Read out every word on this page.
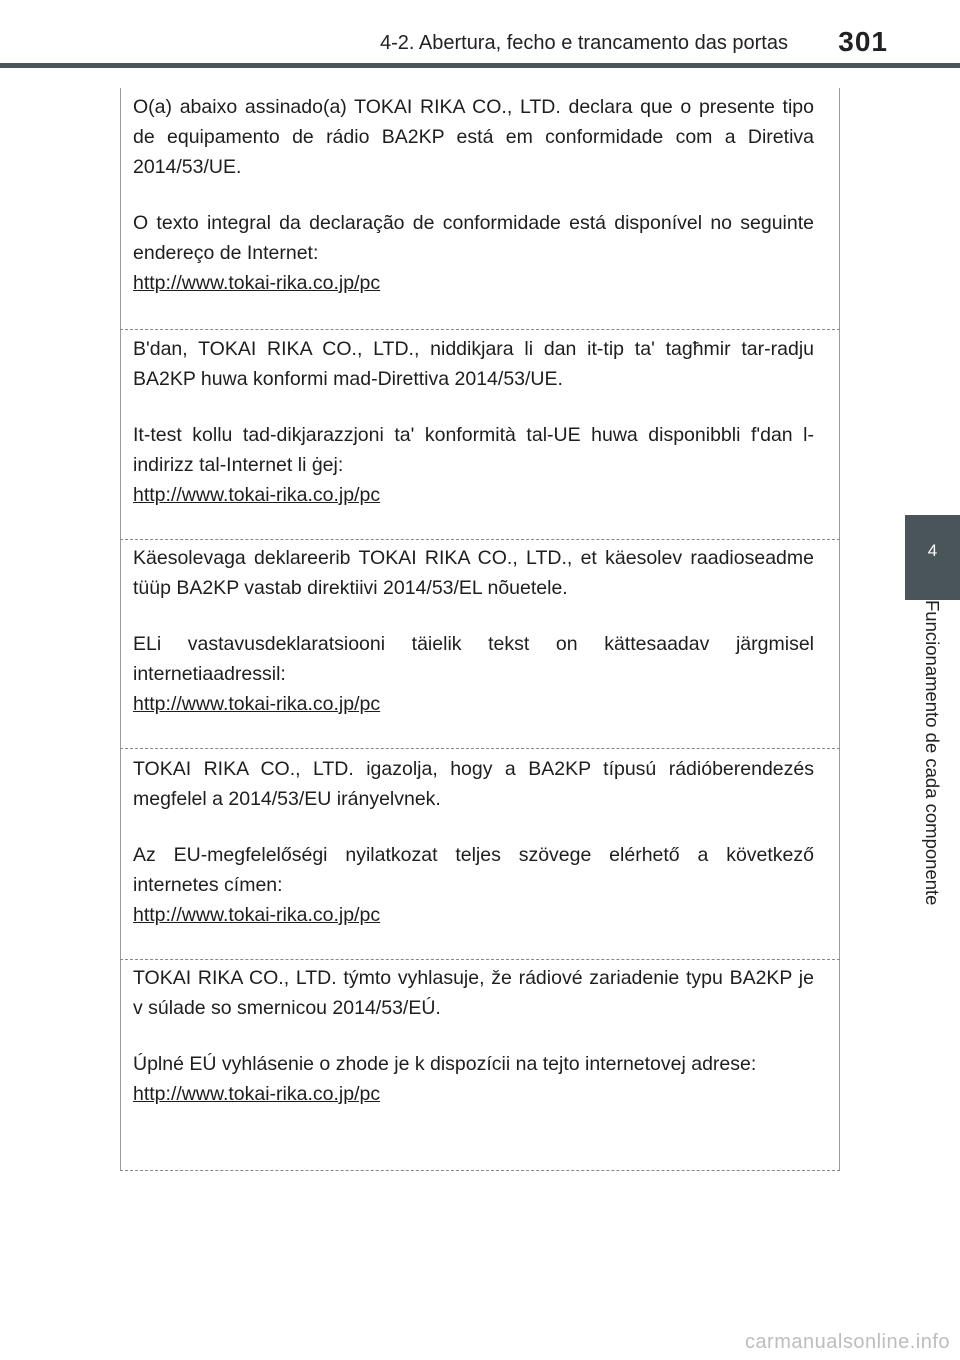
4-2. Abertura, fecho e trancamento das portas 301
4
Funcionamento de cada componente

O(a) abaixo assinado(a) TOKAI RIKA CO., LTD. declara que o presente tipo de equipamento de rádio BA2KP está em conformidade com a Diretiva 2014/53/UE.

O texto integral da declaração de conformidade está disponível no seguinte endereço de Internet:

http://www.tokai-rika.co.jp/pc

B'dan, TOKAI RIKA CO., LTD., niddikjara li dan it-tip ta' tagħmir tar-radju BA2KP huwa konformi mad-Direttiva 2014/53/UE.

It-test kollu tad-dikjarazzjoni ta' konformità tal-UE huwa disponibbli f'dan l-indirizz tal-Internet li ġej:

http://www.tokai-rika.co.jp/pc

Käesolevaga deklareerib TOKAI RIKA CO., LTD., et käesolev raadioseadme tüüp BA2KP vastab direktiivi 2014/53/EL nõuetele.

ELi vastavusdeklaratsiooni täielik tekst on kättesaadav järgmisel internetiaadressil:

http://www.tokai-rika.co.jp/pc

TOKAI RIKA CO., LTD. igazolja, hogy a BA2KP típusú rádióberendezés megfelel a 2014/53/EU irányelvnek.

Az EU-megfelelőségi nyilatkozat teljes szövege elérhető a következő internetes címen:

http://www.tokai-rika.co.jp/pc

TOKAI RIKA CO., LTD. týmto vyhlasuje, že rádiové zariadenie typu BA2KP je v súlade so smernicou 2014/53/EÚ.

Úplné EÚ vyhlásenie o zhode je k dispozícii na tejto internetovej adrese:

http://www.tokai-rika.co.jp/pc
carmanualsonline.info
